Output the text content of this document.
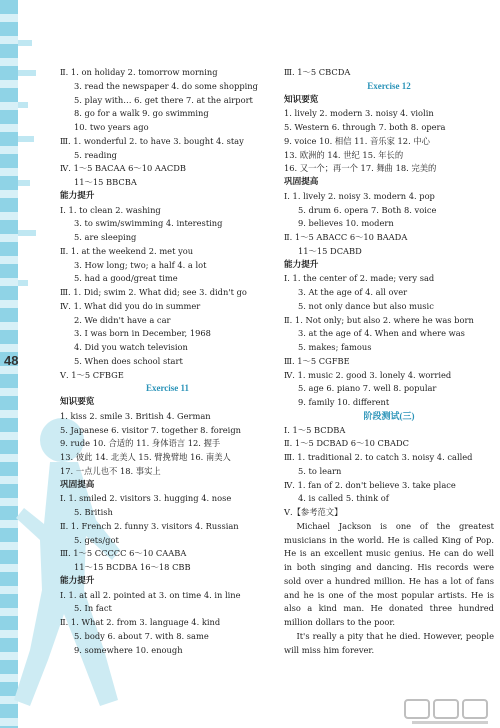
48
Ⅱ. 1. on holiday 2. tomorrow morning
3. read the newspaper 4. do some shopping
5. play with… 6. get there 7. at the airport
8. go for a walk 9. go swimming
10. two years ago
Ⅲ. 1. wonderful 2. to have 3. bought 4. stay
5. reading
Ⅳ. 1～5 BACAA 6～10 AACDB
11～15 BBCBA
能力提升
Ⅰ. 1. to clean 2. washing
3. to swim/swimming 4. interesting
5. are sleeping
Ⅱ. 1. at the weekend 2. met you
3. How long; two; a half 4. a lot
5. had a good/great time
Ⅲ. 1. Did; swim 2. What did; see 3. didn't go
Ⅳ. 1. What did you do in summer
2. We didn't have a car
3. I was born in December, 1968
4. Did you watch television
5. When does school start
Ⅴ. 1～5 CFBGE
Exercise 11
知识要览
1. kiss 2. smile 3. British 4. German
5. Japanese 6. visitor 7. together 8. foreign
9. rude 10. 合适的 11. 身体语言 12. 握手
13. 彼此 14. 北美人 15. 臂挽臂地 16. 南美人
17. 一点儿也不 18. 事实上
巩固提高
Ⅰ. 1. smiled 2. visitors 3. hugging 4. nose
5. British
Ⅱ. 1. French 2. funny 3. visitors 4. Russian
5. gets/got
Ⅲ. 1～5 CCCCC 6～10 CAABA
11～15 BCDBA 16～18 CBB
能力提升
Ⅰ. 1. at all 2. pointed at 3. on time 4. in line
5. In fact
Ⅱ. 1. What 2. from 3. language 4. kind
5. body 6. about 7. with 8. same
9. somewhere 10. enough
Ⅲ. 1～5 CBCDA
Exercise 12
知识要览
1. lively 2. modern 3. noisy 4. violin
5. Western 6. through 7. both 8. opera
9. voice 10. 相信 11. 音乐家 12. 中心
13. 欧洲的 14. 世纪 15. 年长的
16. 又一个；再一个 17. 舞曲 18. 完美的
巩固提高
Ⅰ. 1. lively 2. noisy 3. modern 4. pop
5. drum 6. opera 7. Both 8. voice
9. believes 10. modern
Ⅱ. 1～5 ABACC 6～10 BAADA
11～15 DCABD
能力提升
Ⅰ. 1. the center of 2. made; very sad
3. At the age of 4. all over
5. not only dance but also music
Ⅱ. 1. Not only; but also 2. where he was born
3. at the age of 4. When and where was
5. makes; famous
Ⅲ. 1～5 CGFBE
Ⅳ. 1. music 2. good 3. lonely 4. worried
5. age 6. piano 7. well 8. popular
9. family 10. different
阶段测试(三)
Ⅰ. 1～5 BCDBA
Ⅱ. 1～5 DCBAD 6～10 CBADC
Ⅲ. 1. traditional 2. to catch 3. noisy 4. called
5. to learn
Ⅳ. 1. fan of 2. don't believe 3. take place
4. is called 5. think of
Ⅴ.【参考范文】
Michael Jackson is one of the greatest musicians in the world. He is called King of Pop. He is an excellent music genius. He can do well in both singing and dancing. His records were sold over a hundred million. He has a lot of fans and he is one of the most popular artists. He is also a kind man. He donated three hundred million dollars to the poor.
It's really a pity that he died. However, people will miss him forever.
